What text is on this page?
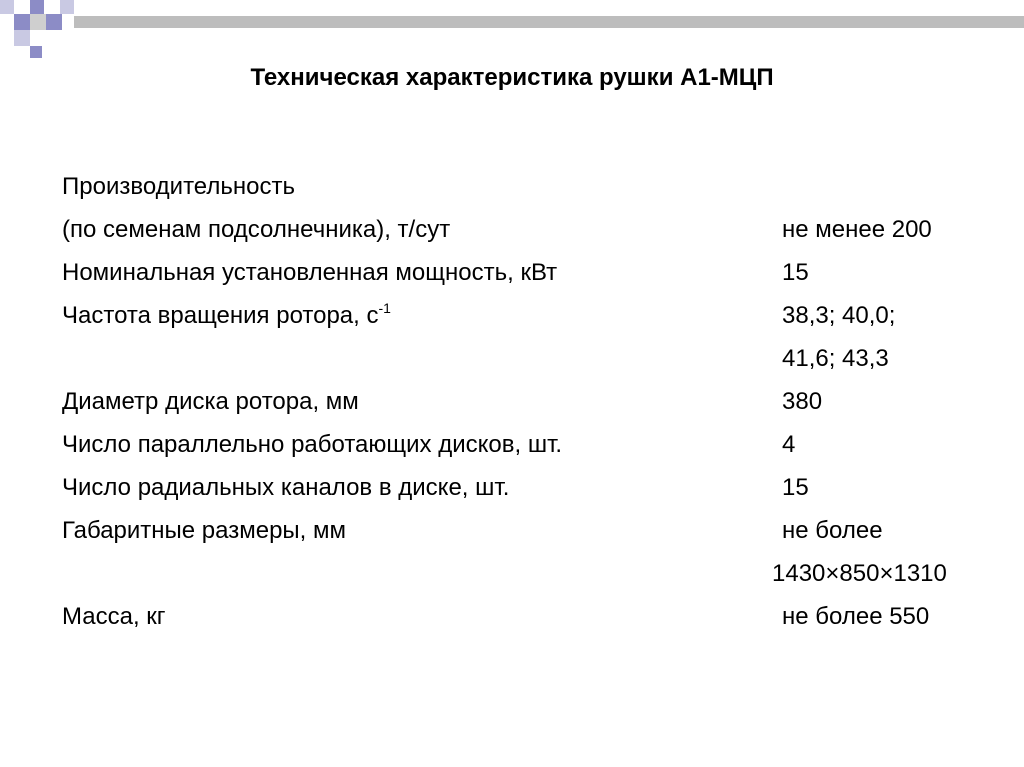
Техническая характеристика рушки А1-МЦП
Производительность
(по семенам подсолнечника), т/сут	не менее 200
Номинальная установленная мощность, кВт	15
Частота вращения ротора, $с^{-1}$	38,3; 40,0;
41,6; 43,3
Диаметр диска ротора, мм	380
Число параллельно работающих дисков, шт.	4
Число радиальных каналов в диске, шт.	15
Габаритные размеры, мм	не более
1430×850×1310
Масса, кг	не более 550
